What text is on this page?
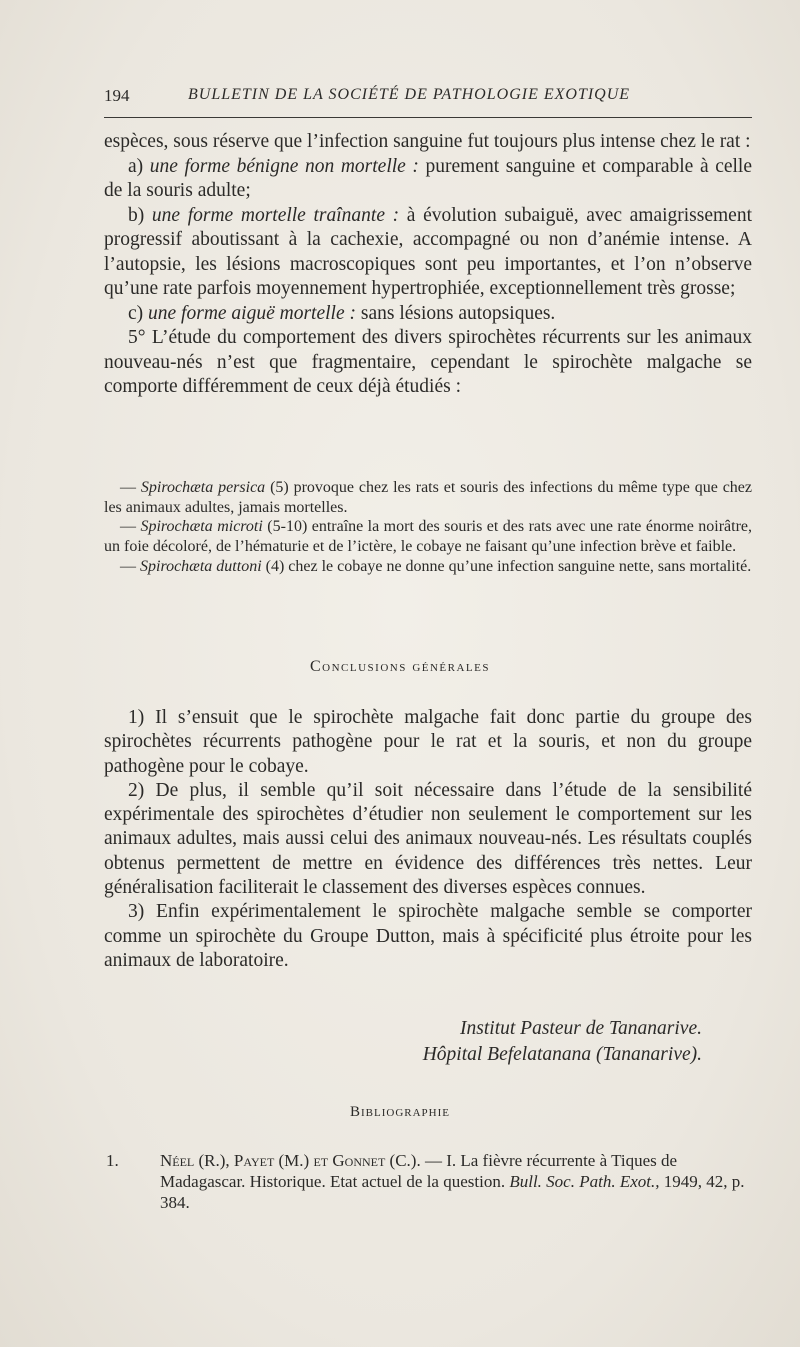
194	BULLETIN DE LA SOCIÉTÉ DE PATHOLOGIE EXOTIQUE

espèces, sous réserve que l’infection sanguine fut toujours plus intense chez le rat :

a) une forme bénigne non mortelle : purement sanguine et comparable à celle de la souris adulte;

b) une forme mortelle traînante : à évolution subaiguë, avec amaigrissement progressif aboutissant à la cachexie, accompagné ou non d’anémie intense. A l’autopsie, les lésions macroscopiques sont peu importantes, et l’on n’observe qu’une rate parfois moyennement hypertrophiée, exceptionnellement très grosse;

c) une forme aiguë mortelle : sans lésions autopsiques.

5° L’étude du comportement des divers spirochètes récurrents sur les animaux nouveau-nés n’est que fragmentaire, cependant le spirochète malgache se comporte différemment de ceux déjà étudiés :

— Spirochæta persica (5) provoque chez les rats et souris des infections du même type que chez les animaux adultes, jamais mortelles.

— Spirochæta microti (5-10) entraîne la mort des souris et des rats avec une rate énorme noirâtre, un foie décoloré, de l’hématurie et de l’ictère, le cobaye ne faisant qu’une infection brève et faible.

— Spirochæta duttoni (4) chez le cobaye ne donne qu’une infection sanguine nette, sans mortalité.

Conclusions générales

1) Il s’ensuit que le spirochète malgache fait donc partie du groupe des spirochètes récurrents pathogène pour le rat et la souris, et non du groupe pathogène pour le cobaye.

2) De plus, il semble qu’il soit nécessaire dans l’étude de la sensibilité expérimentale des spirochètes d’étudier non seulement le comportement sur les animaux adultes, mais aussi celui des animaux nouveau-nés. Les résultats couplés obtenus permettent de mettre en évidence des différences très nettes. Leur généralisation faciliterait le classement des diverses espèces connues.

3) Enfin expérimentalement le spirochète malgache semble se comporter comme un spirochète du Groupe Dutton, mais à spécificité plus étroite pour les animaux de laboratoire.

Institut Pasteur de Tananarive.
Hôpital Befelatanana (Tananarive).
Bibliographie
1. Néel (R.), Payet (M.) et Gonnet (C.). — I. La fièvre récurrente à Tiques de Madagascar. Historique. Etat actuel de la question. Bull. Soc. Path. Exot., 1949, 42, p. 384.
